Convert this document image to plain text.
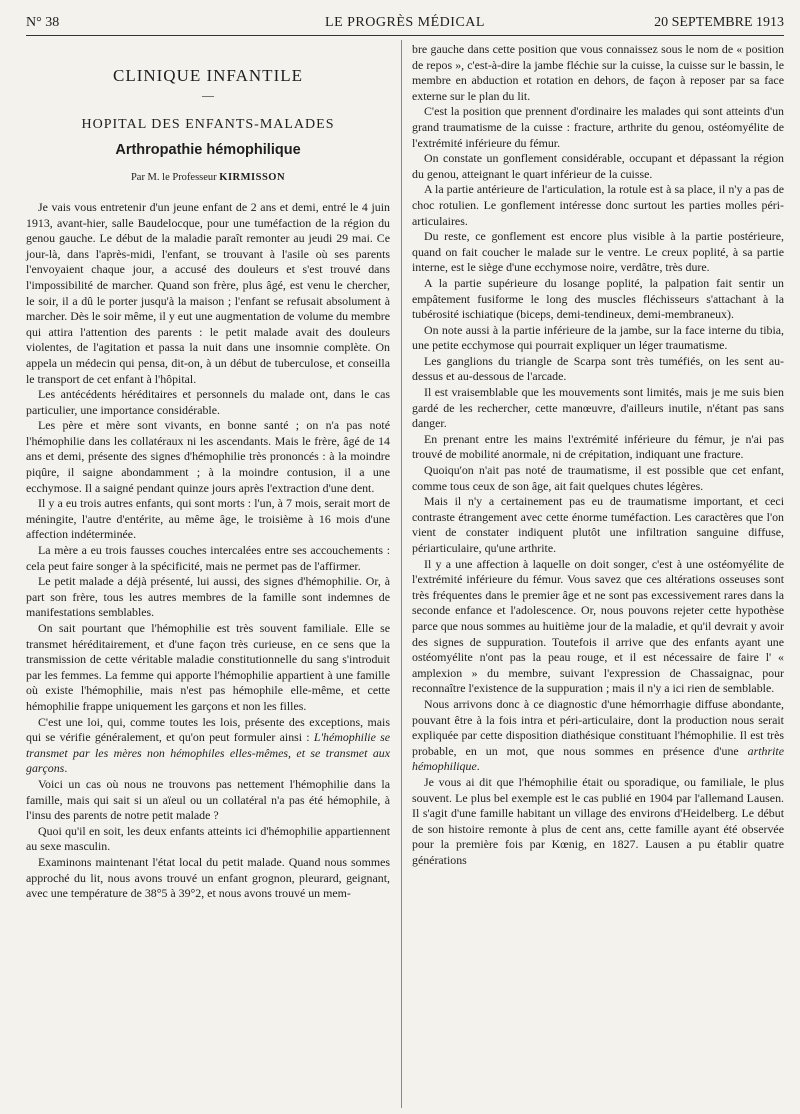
N° 38	LE PROGRÈS MÉDICAL	20 SEPTEMBRE 1913
CLINIQUE INFANTILE
—
HOPITAL DES ENFANTS-MALADES
Arthropathie hémophilique
Par M. le Professeur KIRMISSON

Je vais vous entretenir d'un jeune enfant de 2 ans et demi, entré le 4 juin 1913, avant-hier, salle Baudelocque, pour une tuméfaction de la région du genou gauche. Le début de la maladie paraît remonter au jeudi 29 mai. Ce jour-là, dans l'après-midi, l'enfant, se trouvant à l'asile où ses parents l'envoyaient chaque jour, a accusé des douleurs et s'est trouvé dans l'impossibilité de marcher. Quand son frère, plus âgé, est venu le chercher, le soir, il a dû le porter jusqu'à la maison ; l'enfant se refusait absolument à marcher. Dès le soir même, il y eut une augmentation de volume du membre qui attira l'attention des parents : le petit malade avait des douleurs violentes, de l'agitation et passa la nuit dans une insomnie complète. On appela un médecin qui pensa, dit-on, à un début de tuberculose, et conseilla le transport de cet enfant à l'hôpital.

Les antécédents héréditaires et personnels du malade ont, dans le cas particulier, une importance considérable.

Les père et mère sont vivants, en bonne santé ; on n'a pas noté l'hémophilie dans les collatéraux ni les ascendants. Mais le frère, âgé de 14 ans et demi, présente des signes d'hémophilie très prononcés : à la moindre piqûre, il saigne abondamment ; à la moindre contusion, il a une ecchymose. Il a saigné pendant quinze jours après l'extraction d'une dent.

Il y a eu trois autres enfants, qui sont morts : l'un, à 7 mois, serait mort de méningite, l'autre d'entérite, au même âge, le troisième à 16 mois d'une affection indéterminée.

La mère a eu trois fausses couches intercalées entre ses accouchements : cela peut faire songer à la spécificité, mais ne permet pas de l'affirmer.

Le petit malade a déjà présenté, lui aussi, des signes d'hémophilie. Or, à part son frère, tous les autres membres de la famille sont indemnes de manifestations semblables.

On sait pourtant que l'hémophilie est très souvent familiale. Elle se transmet héréditairement, et d'une façon très curieuse, en ce sens que la transmission de cette véritable maladie constitutionnelle du sang s'introduit par les femmes. La femme qui apporte l'hémophilie appartient à une famille où existe l'hémophilie, mais n'est pas hémophile elle-même, et cette hémophilie frappe uniquement les garçons et non les filles.

C'est une loi, qui, comme toutes les lois, présente des exceptions, mais qui se vérifie généralement, et qu'on peut formuler ainsi : L'hémophilie se transmet par les mères non hémophiles elles-mêmes, et se transmet aux garçons.

Voici un cas où nous ne trouvons pas nettement l'hémophilie dans la famille, mais qui sait si un aïeul ou un collatéral n'a pas été hémophile, à l'insu des parents de notre petit malade ?

Quoi qu'il en soit, les deux enfants atteints ici d'hémophilie appartiennent au sexe masculin.

Examinons maintenant l'état local du petit malade. Quand nous sommes approché du lit, nous avons trouvé un enfant grognon, pleurard, geignant, avec une température de 38°5 à 39°2, et nous avons trouvé un mem-

bre gauche dans cette position que vous connaissez sous le nom de « position de repos », c'est-à-dire la jambe fléchie sur la cuisse, la cuisse sur le bassin, le membre en abduction et rotation en dehors, de façon à reposer par sa face externe sur le plan du lit.

C'est la position que prennent d'ordinaire les malades qui sont atteints d'un grand traumatisme de la cuisse : fracture, arthrite du genou, ostéomyélite de l'extrémité inférieure du fémur.

On constate un gonflement considérable, occupant et dépassant la région du genou, atteignant le quart inférieur de la cuisse.

A la partie antérieure de l'articulation, la rotule est à sa place, il n'y a pas de choc rotulien. Le gonflement intéresse donc surtout les parties molles péri-articulaires.

Du reste, ce gonflement est encore plus visible à la partie postérieure, quand on fait coucher le malade sur le ventre. Le creux poplité, à sa partie interne, est le siège d'une ecchymose noire, verdâtre, très dure.

A la partie supérieure du losange poplité, la palpation fait sentir un empâtement fusiforme le long des muscles fléchisseurs s'attachant à la tubérosité ischiatique (biceps, demi-tendineux, demi-membraneux).

On note aussi à la partie inférieure de la jambe, sur la face interne du tibia, une petite ecchymose qui pourrait expliquer un léger traumatisme.

Les ganglions du triangle de Scarpa sont très tuméfiés, on les sent au-dessus et au-dessous de l'arcade.

Il est vraisemblable que les mouvements sont limités, mais je me suis bien gardé de les rechercher, cette manœuvre, d'ailleurs inutile, n'étant pas sans danger.

En prenant entre les mains l'extrémité inférieure du fémur, je n'ai pas trouvé de mobilité anormale, ni de crépitation, indiquant une fracture.

Quoiqu'on n'ait pas noté de traumatisme, il est possible que cet enfant, comme tous ceux de son âge, ait fait quelques chutes légères.

Mais il n'y a certainement pas eu de traumatisme important, et ceci contraste étrangement avec cette énorme tuméfaction. Les caractères que l'on vient de constater indiquent plutôt une infiltration sanguine diffuse, périarticulaire, qu'une arthrite.

Il y a une affection à laquelle on doit songer, c'est à une ostéomyélite de l'extrémité inférieure du fémur. Vous savez que ces altérations osseuses sont très fréquentes dans le premier âge et ne sont pas excessivement rares dans la seconde enfance et l'adolescence. Or, nous pouvons rejeter cette hypothèse parce que nous sommes au huitième jour de la maladie, et qu'il devrait y avoir des signes de suppuration. Toutefois il arrive que des enfants ayant une ostéomyélite n'ont pas la peau rouge, et il est nécessaire de faire l' « amplexion » du membre, suivant l'expression de Chassaignac, pour reconnaître l'existence de la suppuration ; mais il n'y a ici rien de semblable.

Nous arrivons donc à ce diagnostic d'une hémorrhagie diffuse abondante, pouvant être à la fois intra et péri-articulaire, dont la production nous serait expliquée par cette disposition diathésique constituant l'hémophilie. Il est très probable, en un mot, que nous sommes en présence d'une arthrite hémophilique.

Je vous ai dit que l'hémophilie était ou sporadique, ou familiale, le plus souvent. Le plus bel exemple est le cas publié en 1904 par l'allemand Lausen. Il s'agit d'une famille habitant un village des environs d'Heidelberg. Le début de son histoire remonte à plus de cent ans, cette famille ayant été observée pour la première fois par Kœnig, en 1827. Lausen a pu établir quatre générations
